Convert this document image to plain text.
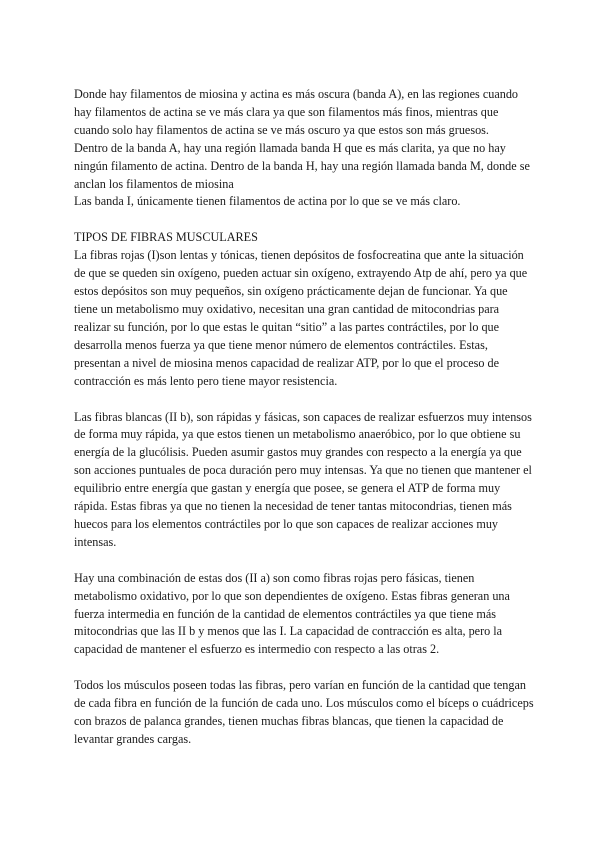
Donde hay filamentos de miosina y actina es más oscura (banda A), en las regiones cuando hay filamentos de actina se ve más clara ya que son filamentos más finos, mientras que cuando solo hay filamentos de actina se ve más oscuro ya que estos son más gruesos.

Dentro de la banda A, hay una región llamada banda H que es más clarita, ya que no hay ningún filamento de actina. Dentro de la banda H, hay una región llamada banda M, donde se anclan los filamentos de miosina

Las banda I, únicamente tienen filamentos de actina por lo que se ve más claro.

TIPOS DE FIBRAS MUSCULARES

La fibras rojas (I)son lentas y tónicas, tienen depósitos de fosfocreatina que ante la situación de que se queden sin oxígeno, pueden actuar sin oxígeno, extrayendo Atp de ahí, pero ya que estos depósitos son muy pequeños, sin oxígeno prácticamente dejan de funcionar. Ya que tiene un metabolismo muy oxidativo, necesitan una gran cantidad de mitocondrias para realizar su función, por lo que estas le quitan “sitio” a las partes contráctiles, por lo que desarrolla menos fuerza ya que tiene menor número de elementos contráctiles. Estas, presentan a nivel de miosina menos capacidad de realizar ATP, por lo que el proceso de contracción es más lento pero tiene mayor resistencia.

Las fibras blancas (II b), son rápidas y fásicas, son capaces de realizar esfuerzos muy intensos de forma muy rápida, ya que estos tienen un metabolismo anaeróbico, por lo que obtiene su energía de la glucólisis. Pueden asumir gastos muy grandes con respecto a la energía ya que son acciones puntuales de poca duración pero muy intensas. Ya que no tienen que mantener el equilibrio entre energía que gastan y energía que posee, se genera el ATP de forma muy rápida. Estas fibras ya que no tienen la necesidad de tener tantas mitocondrias, tienen más huecos para los elementos contráctiles por lo que son capaces de realizar acciones muy intensas.

Hay una combinación de estas dos (II a) son como fibras rojas pero fásicas, tienen metabolismo oxidativo, por lo que son dependientes de oxígeno. Estas fibras generan una fuerza intermedia en función de la cantidad de elementos contráctiles ya que tiene más mitocondrias que las II b y menos que las I. La capacidad de contracción es alta, pero la capacidad de mantener el esfuerzo es intermedio con respecto a las otras 2.

Todos los músculos poseen todas las fibras, pero varían en función de la cantidad que tengan de cada fibra en función de la función de cada uno. Los músculos como el bíceps o cuádriceps con brazos de palanca grandes, tienen muchas fibras blancas, que tienen la capacidad de levantar grandes cargas.
